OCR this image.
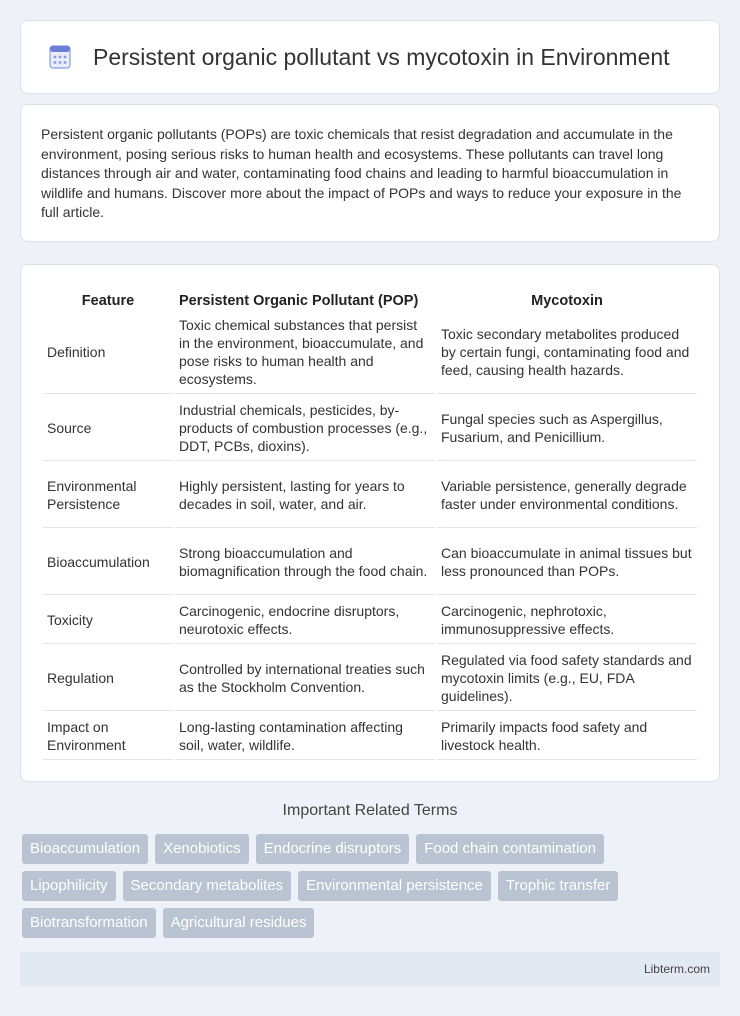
Persistent organic pollutant vs mycotoxin in Environment

Persistent organic pollutants (POPs) are toxic chemicals that resist degradation and accumulate in the environment, posing serious risks to human health and ecosystems. These pollutants can travel long distances through air and water, contaminating food chains and leading to harmful bioaccumulation in wildlife and humans. Discover more about the impact of POPs and ways to reduce your exposure in the full article.

Feature	Persistent Organic Pollutant (POP)	Mycotoxin
Definition	Toxic chemical substances that persist in the environment, bioaccumulate, and pose risks to human health and ecosystems.	Toxic secondary metabolites produced by certain fungi, contaminating food and feed, causing health hazards.
Source	Industrial chemicals, pesticides, by-products of combustion processes (e.g., DDT, PCBs, dioxins).	Fungal species such as Aspergillus, Fusarium, and Penicillium.
Environmental Persistence	Highly persistent, lasting for years to decades in soil, water, and air.	Variable persistence, generally degrade faster under environmental conditions.
Bioaccumulation	Strong bioaccumulation and biomagnification through the food chain.	Can bioaccumulate in animal tissues but less pronounced than POPs.
Toxicity	Carcinogenic, endocrine disruptors, neurotoxic effects.	Carcinogenic, nephrotoxic, immunosuppressive effects.
Regulation	Controlled by international treaties such as the Stockholm Convention.	Regulated via food safety standards and mycotoxin limits (e.g., EU, FDA guidelines).
Impact on Environment	Long-lasting contamination affecting soil, water, wildlife.	Primarily impacts food safety and livestock health.
Important Related Terms
Bioaccumulation	Xenobiotics	Endocrine disruptors	Food chain contamination
Lipophilicity	Secondary metabolites	Environmental persistence	Trophic transfer
Biotransformation	Agricultural residues
Libterm.com
